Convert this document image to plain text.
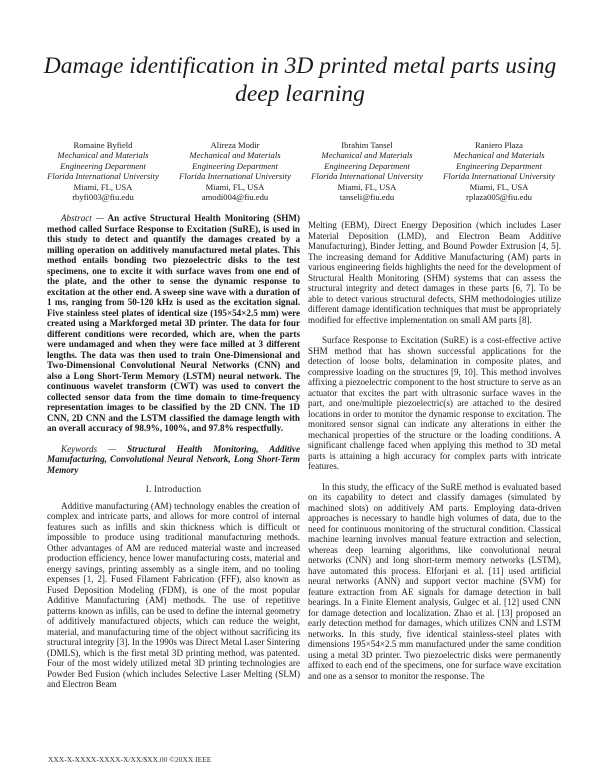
Damage identification in 3D printed metal parts using deep learning
Romaine Byfield
Mechanical and Materials
Engineering Department
Florida International University
Miami, FL, USA
rbyfi003@fiu.edu
Alireza Modir
Mechanical and Materials
Engineering Department
Florida International University
Miami, FL, USA
amodi004@fiu.edu
Ibrahim Tansel
Mechanical and Materials
Engineering Department
Florida International University
Miami, FL, USA
tanseli@fiu.edu
Raniero Plaza
Mechanical and Materials
Engineering Department
Florida International University
Miami, FL, USA
rplaza005@fiu.edu

Abstract — An active Structural Health Monitoring (SHM) method called Surface Response to Excitation (SuRE), is used in this study to detect and quantify the damages created by a milling operation on additively manufactured metal plates. This method entails bonding two piezoelectric disks to the test specimens, one to excite it with surface waves from one end of the plate, and the other to sense the dynamic response to excitation at the other end. A sweep sine wave with a duration of 1 ms, ranging from 50-120 kHz is used as the excitation signal. Five stainless steel plates of identical size (195×54×2.5 mm) were created using a Markforged metal 3D printer. The data for four different conditions were recorded, which are, when the parts were undamaged and when they were face milled at 3 different lengths. The data was then used to train One-Dimensional and Two-Dimensional Convolutional Neural Networks (CNN) and also a Long Short-Term Memory (LSTM) neural network. The continuous wavelet transform (CWT) was used to convert the collected sensor data from the time domain to time-frequency representation images to be classified by the 2D CNN. The 1D CNN, 2D CNN and the LSTM classified the damage length with an overall accuracy of 98.9%, 100%, and 97.8% respectfully.

Keywords — Structural Health Monitoring, Additive Manufacturing, Convolutional Neural Network, Long Short-Term Memory

I. Introduction

Additive manufacturing (AM) technology enables the creation of complex and intricate parts, and allows for more control of internal features such as infills and skin thickness which is difficult or impossible to produce using traditional manufacturing methods. Other advantages of AM are reduced material waste and increased production efficiency, hence lower manufacturing costs, material and energy savings, printing assembly as a single item, and no tooling expenses [1, 2]. Fused Filament Fabrication (FFF), also known as Fused Deposition Modeling (FDM), is one of the most popular Additive Manufacturing (AM) methods. The use of repetitive patterns known as infills, can be used to define the internal geometry of additively manufactured objects, which can reduce the weight, material, and manufacturing time of the object without sacrificing its structural integrity [3]. In the 1990s was Direct Metal Laser Sintering (DMLS), which is the first metal 3D printing method, was patented. Four of the most widely utilized metal 3D printing technologies are Powder Bed Fusion (which includes Selective Laser Melting (SLM) and Electron Beam

Melting (EBM), Direct Energy Deposition (which includes Laser Material Deposition (LMD), and Electron Beam Additive Manufacturing), Binder Jetting, and Bound Powder Extrusion [4, 5]. The increasing demand for Additive Manufacturing (AM) parts in various engineering fields highlights the need for the development of Structural Health Monitoring (SHM) systems that can assess the structural integrity and detect damages in these parts [6, 7]. To be able to detect various structural defects, SHM methodologies utilize different damage identification techniques that must be appropriately modified for effective implementation on small AM parts [8].

Surface Response to Excitation (SuRE) is a cost-effective active SHM method that has shown successful applications for the detection of loose bolts, delamination in composite plates, and compressive loading on the structures [9, 10]. This method involves affixing a piezoelectric component to the host structure to serve as an actuator that excites the part with ultrasonic surface waves in the part, and one/multiple piezoelectric(s) are attached to the desired locations in order to monitor the dynamic response to excitation. The monitored sensor signal can indicate any alterations in either the mechanical properties of the structure or the loading conditions. A significant challenge faced when applying this method to 3D metal parts is attaining a high accuracy for complex parts with intricate features.

In this study, the efficacy of the SuRE method is evaluated based on its capability to detect and classify damages (simulated by machined slots) on additively AM parts. Employing data-driven approaches is necessary to handle high volumes of data, due to the need for continuous monitoring of the structural condition. Classical machine learning involves manual feature extraction and selection, whereas deep learning algorithms, like convolutional neural networks (CNN) and long short-term memory networks (LSTM), have automated this process. Elforjani et al. [11] used artificial neural networks (ANN) and support vector machine (SVM) for feature extraction from AE signals for damage detection in ball bearings. In a Finite Element analysis, Gulgec et al. [12] used CNN for damage detection and localization. Zhao et al. [13] proposed an early detection method for damages, which utilizes CNN and LSTM networks. In this study, five identical stainless-steel plates with dimensions 195×54×2.5 mm manufactured under the same condition using a metal 3D printer. Two piezoelectric disks were permanently affixed to each end of the specimens, one for surface wave excitation and one as a sensor to monitor the response. The

XXX-X-XXXX-XXXX-X/XX/$XX.00 ©20XX IEEE
